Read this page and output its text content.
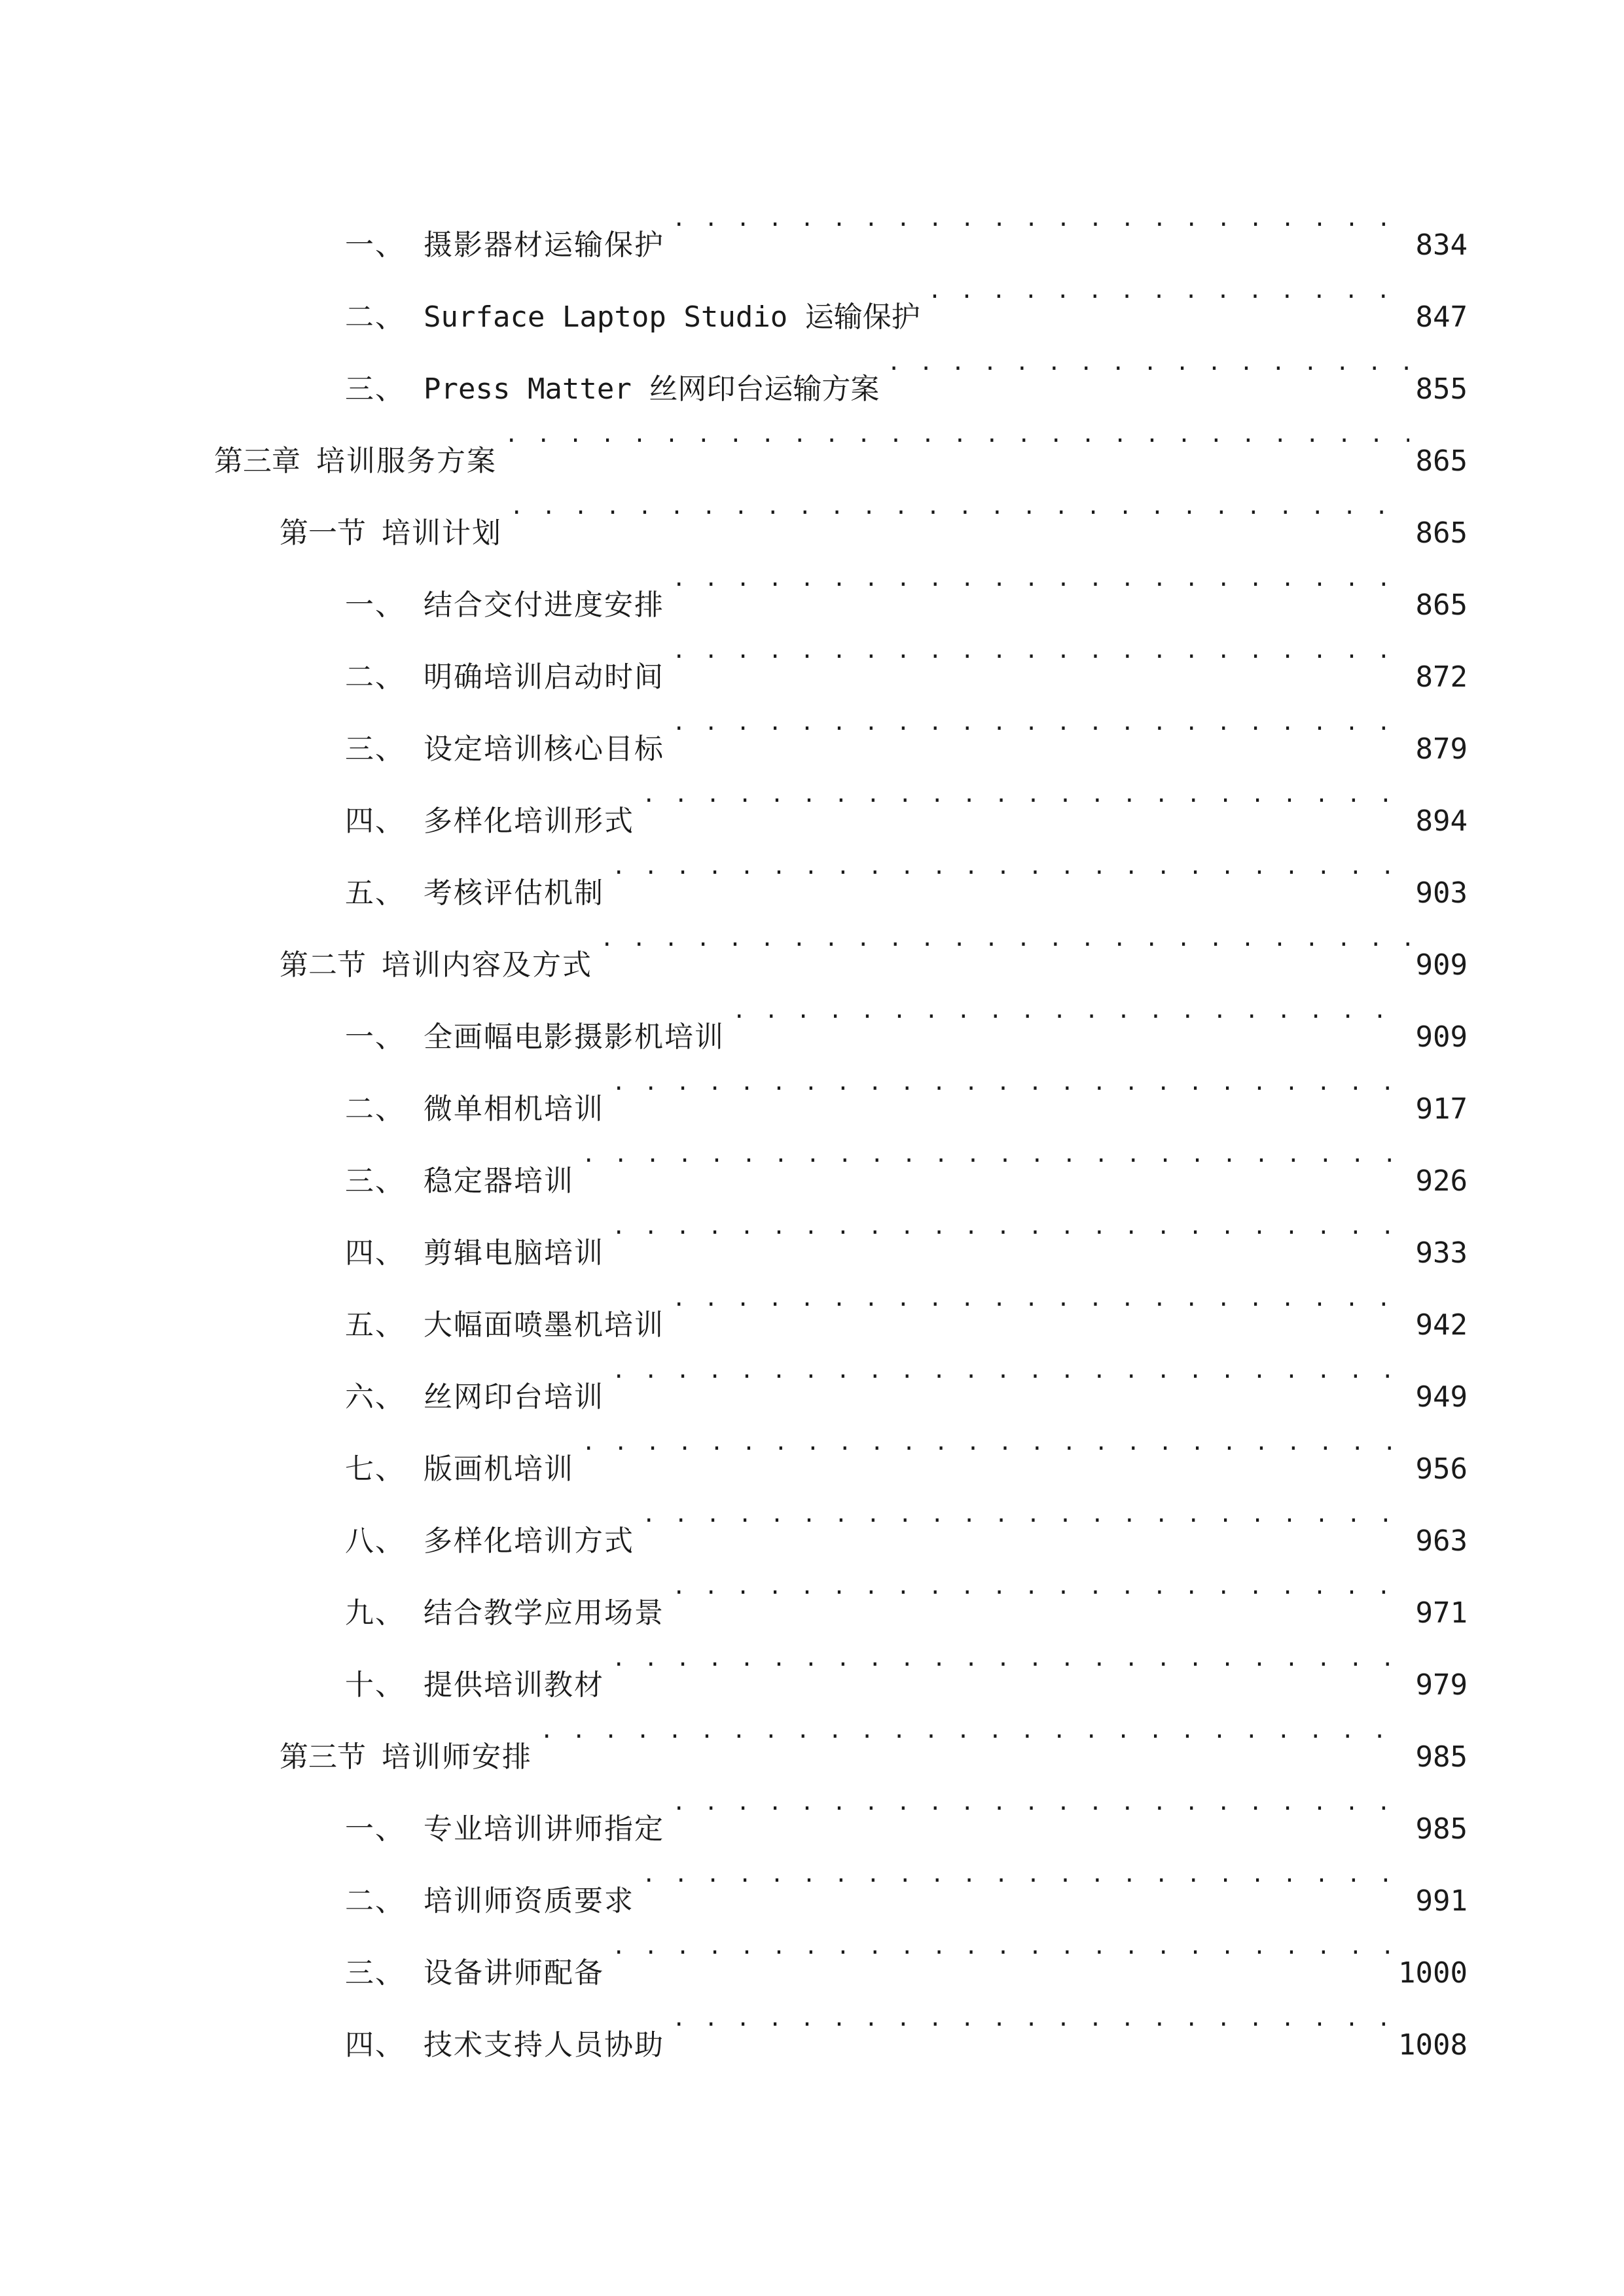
一、 摄影器材运输保护 . . .	834
二、 Surface Laptop Studio 运输保护 . . .	847
三、 Press Matter 丝网印台运输方案 . . .	855
第三章 培训服务方案 . . .	865
第一节 培训计划 . . .	865
一、 结合交付进度安排 . . .	865
二、 明确培训启动时间 . . .	872
三、 设定培训核心目标 . . .	879
四、 多样化培训形式 . . .	894
五、 考核评估机制 . . .	903
第二节 培训内容及方式 . . .	909
一、 全画幅电影摄影机培训 . . .	909
二、 微单相机培训 . . .	917
三、 稳定器培训 . . .	926
四、 剪辑电脑培训 . . .	933
五、 大幅面喷墨机培训 . . .	942
六、 丝网印台培训 . . .	949
七、 版画机培训 . . .	956
八、 多样化培训方式 . . .	963
九、 结合教学应用场景 . . .	971
十、 提供培训教材 . . .	979
第三节 培训师安排 . . .	985
一、 专业培训讲师指定 . . .	985
二、 培训师资质要求 . . .	991
三、 设备讲师配备 . . .	1000
四、 技术支持人员协助 . . .	1008
